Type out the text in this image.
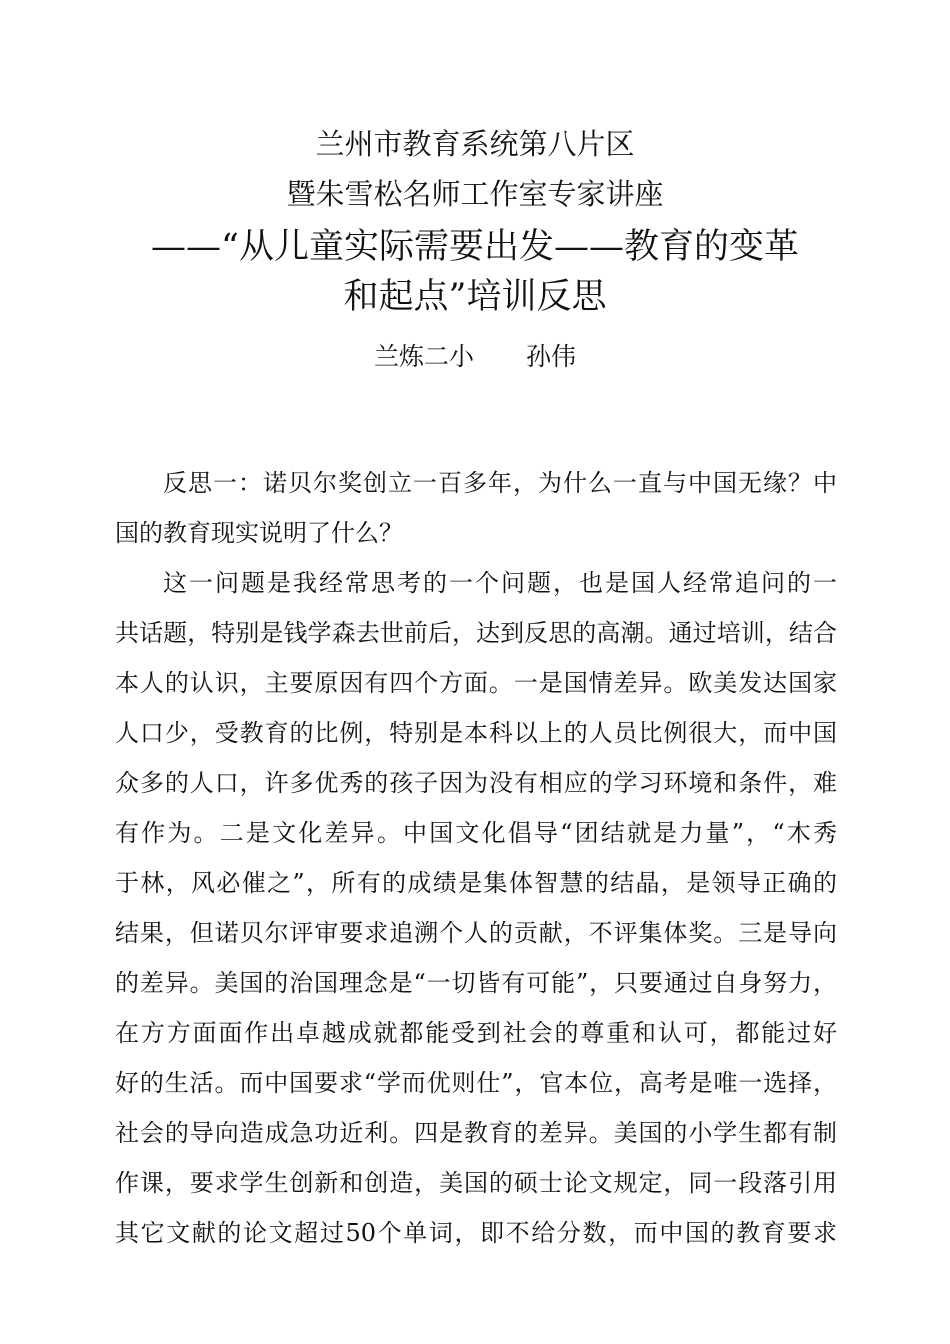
兰州市教育系统第八片区
暨朱雪松名师工作室专家讲座
——“从儿童实际需要出发——教育的变革
和起点”培训反思
兰炼二小 孙伟
反思一：诺贝尔奖创立一百多年，为什么一直与中国无缘？中
国的教育现实说明了什么？
这一问题是我经常思考的一个问题，也是国人经常追问的一
共话题，特别是钱学森去世前后，达到反思的高潮。通过培训，结合
本人的认识，主要原因有四个方面。一是国情差异。欧美发达国家
人口少，受教育的比例，特别是本科以上的人员比例很大，而中国
众多的人口，许多优秀的孩子因为没有相应的学习环境和条件，难
有作为。二是文化差异。中国文化倡导“团结就是力量”，“木秀
于林，风必催之”，所有的成绩是集体智慧的结晶，是领导正确的
结果，但诺贝尔评审要求追溯个人的贡献，不评集体奖。三是导向
的差异。美国的治国理念是“一切皆有可能”，只要通过自身努力，
在方方面面作出卓越成就都能受到社会的尊重和认可，都能过好
好的生活。而中国要求“学而优则仕”，官本位，高考是唯一选择，
社会的导向造成急功近利。四是教育的差异。美国的小学生都有制
作课，要求学生创新和创造，美国的硕士论文规定，同一段落引用
其它文献的论文超过50个单词，即不给分数，而中国的教育要求
